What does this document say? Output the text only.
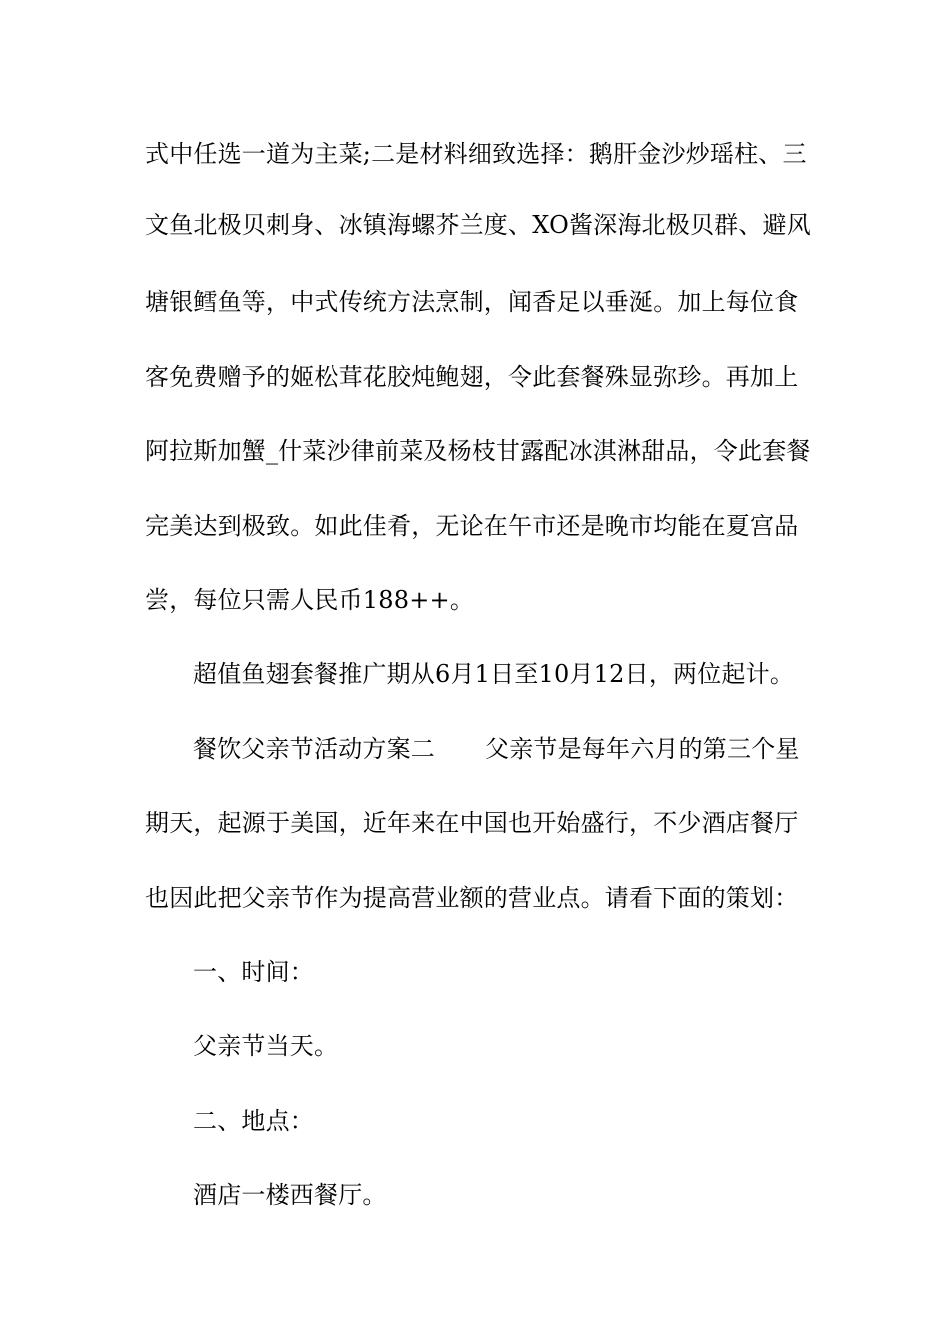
式中任选一道为主菜;二是材料细致选择：鹅肝金沙炒瑶柱、三
文鱼北极贝刺身、冰镇海螺芥兰度、XO酱深海北极贝群、避风
塘银鳕鱼等，中式传统方法烹制，闻香足以垂涎。加上每位食
客免费赠予的姬松茸花胶炖鲍翅，令此套餐殊显弥珍。再加上
阿拉斯加蟹_什菜沙律前菜及杨枝甘露配冰淇淋甜品，令此套餐
完美达到极致。如此佳肴，无论在午市还是晚市均能在夏宫品
尝，每位只需人民币188++。
超值鱼翅套餐推广期从6月1日至10月12日，两位起计。
餐饮父亲节活动方案二 父亲节是每年六月的第三个星
期天，起源于美国，近年来在中国也开始盛行，不少酒店餐厅
也因此把父亲节作为提高营业额的营业点。请看下面的策划：
一、时间：
父亲节当天。
二、地点：
酒店一楼西餐厅。
